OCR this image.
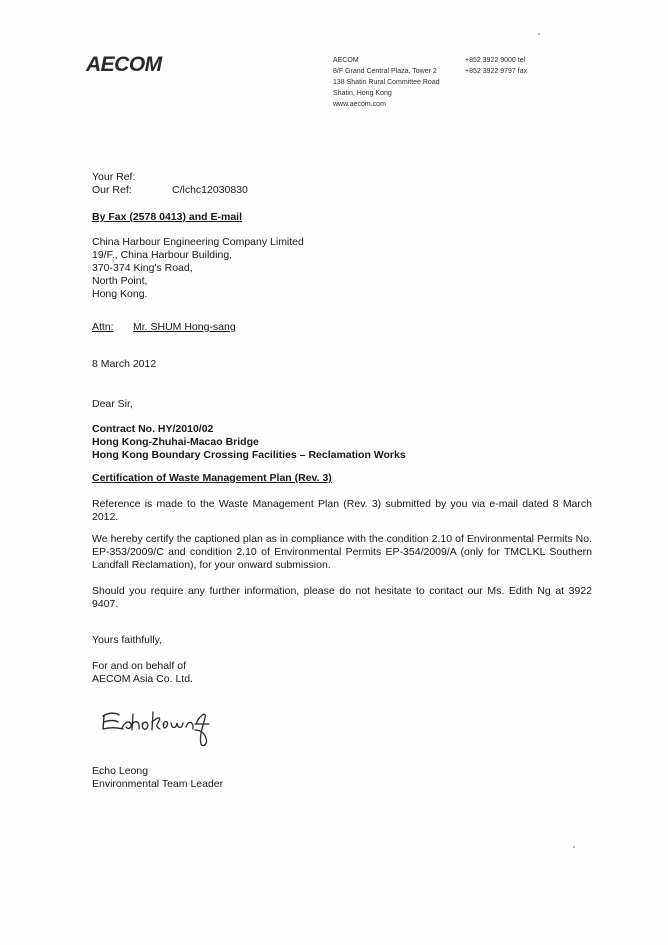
AECOM	AECOM
8/F Grand Central Plaza, Tower 2
138 Shatin Rural Committee Road
Shatin, Hong Kong
www.aecom.com
+852 3922 9000 tel
+852 3922 9797 fax
Your Ref:
Our Ref:	C/lchc12030830
By Fax (2578 0413) and E-mail
China Harbour Engineering Company Limited
19/F., China Harbour Building,
370-374 King's Road,
North Point,
Hong Kong.
Attn:	Mr. SHUM Hong-sang
8 March 2012
Dear Sir,
Contract No. HY/2010/02
Hong Kong-Zhuhai-Macao Bridge
Hong Kong Boundary Crossing Facilities – Reclamation Works
Certification of Waste Management Plan (Rev. 3)
Reference is made to the Waste Management Plan (Rev. 3) submitted by you via e-mail dated 8 March 2012.
We hereby certify the captioned plan as in compliance with the condition 2.10 of Environmental Permits No. EP-353/2009/C and condition 2.10 of Environmental Permits EP-354/2009/A (only for TMCLKL Southern Landfall Reclamation), for your onward submission.
Should you require any further information, please do not hesitate to contact our Ms. Edith Ng at 3922 9407.
Yours faithfully,
For and on behalf of
AECOM Asia Co. Ltd.
Echo Leong
Environmental Team Leader
